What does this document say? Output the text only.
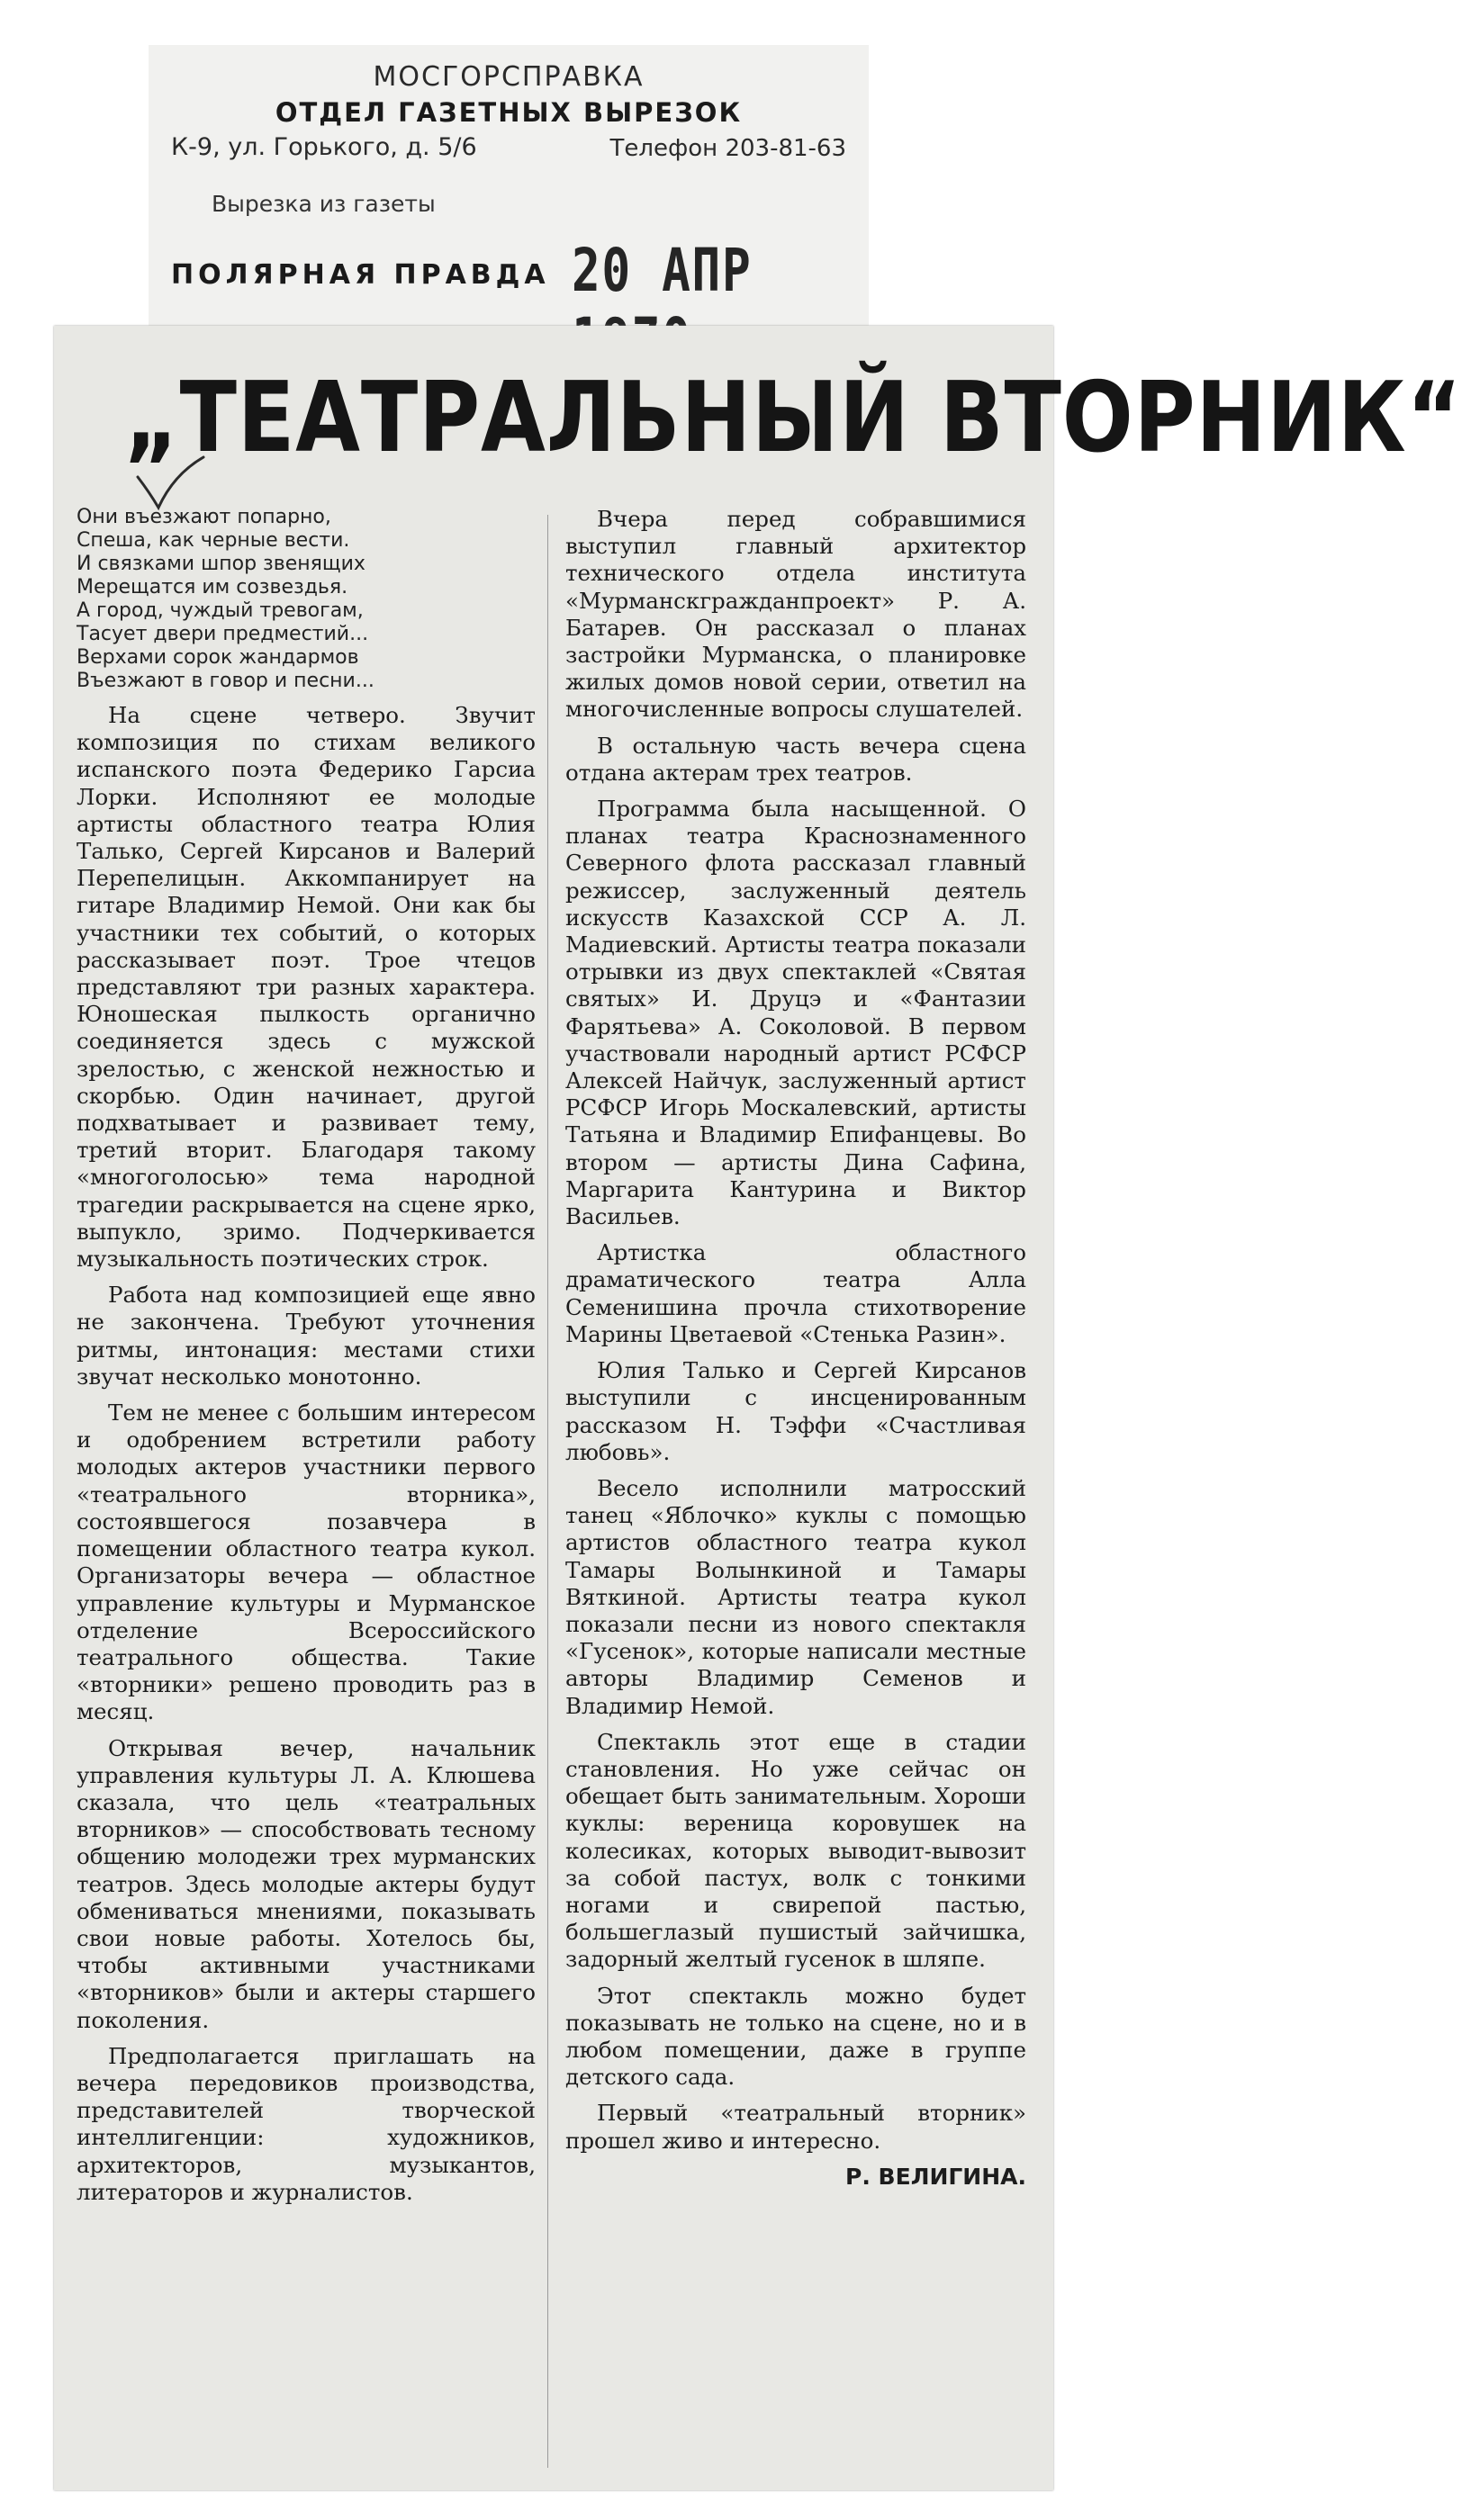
МОСГОРСПРАВКА
ОТДЕЛ ГАЗЕТНЫХ ВЫРЕЗОК
К-9, ул. Горького, д. 5/6	Телефон 203-81-63
Вырезка из газеты
ПОЛЯРНАЯ ПРАВДА 20 АПР
„ТЕАТРАЛЬНЫЙ ВТОРНИК“

Они въезжают попарно,
Спеша, как черные вести.
И связками шпор звенящих
Мерещатся им созвездья.
А город, чуждый тревогам,
Тасует двери предместий...
Верхами сорок жандармов
Въезжают в говор и песни...

На сцене четверо. Звучит композиция по стихам великого испанского поэта Федерико Гарсиа Лорки. Исполняют ее молодые артисты областного театра Юлия Талько, Сергей Кирсанов и Валерий Перепелицын. Аккомпанирует на гитаре Владимир Немой. Они как бы участники тех событий, о которых рассказывает поэт. Трое чтецов представляют три разных характера. Юношеская пылкость органично соединяется здесь с мужской зрелостью, с женской нежностью и скорбью. Один начинает, другой подхватывает и развивает тему, третий вторит. Благодаря такому «многоголосью» тема народной трагедии раскрывается на сцене ярко, выпукло, зримо. Подчеркивается музыкальность поэтических строк.

Работа над композицией еще явно не закончена. Требуют уточнения ритмы, интонация: местами стихи звучат несколько монотонно.

Тем не менее с большим интересом и одобрением встретили работу молодых актеров участники первого «театрального вторника», состоявшегося позавчера в помещении областного театра кукол. Организаторы вечера — областное управление культуры и Мурманское отделение Всероссийского театрального общества. Такие «вторники» решено проводить раз в месяц.

Открывая вечер, начальник управления культуры Л. А. Клюшева сказала, что цель «театральных вторников» — способствовать тесному общению молодежи трех мурманских театров. Здесь молодые актеры будут обмениваться мнениями, показывать свои новые работы. Хотелось бы, чтобы активными участниками «вторников» были и актеры старшего поколения.

Предполагается приглашать на вечера передовиков производства, представителей творческой интеллигенции: художников, архитекторов, музыкантов, литераторов и журналистов.

Вчера перед собравшимися выступил главный архитектор технического отдела института «Мурманскгражданпроект» Р. А. Батарев. Он рассказал о планах застройки Мурманска, о планировке жилых домов новой серии, ответил на многочисленные вопросы слушателей.

В остальную часть вечера сцена отдана актерам трех театров.

Программа была насыщенной. О планах театра Краснознаменного Северного флота рассказал главный режиссер, заслуженный деятель искусств Казахской ССР А. Л. Мадиевский. Артисты театра показали отрывки из двух спектаклей «Святая святых» И. Друцэ и «Фантазии Фарятьева» А. Соколовой. В первом участвовали народный артист РСФСР Алексей Найчук, заслуженный артист РСФСР Игорь Москалевский, артисты Татьяна и Владимир Епифанцевы. Во втором — артисты Дина Сафина, Маргарита Кантурина и Виктор Васильев.

Артистка областного драматического театра Алла Семенишина прочла стихотворение Марины Цветаевой «Стенька Разин».

Юлия Талько и Сергей Кирсанов выступили с инсценированным рассказом Н. Тэффи «Счастливая любовь».

Весело исполнили матросский танец «Яблочко» куклы с помощью артистов областного театра кукол Тамары Волынкиной и Тамары Вяткиной. Артисты театра кукол показали песни из нового спектакля «Гусенок», которые написали местные авторы Владимир Семенов и Владимир Немой.

Спектакль этот еще в стадии становления. Но уже сейчас он обещает быть занимательным. Хороши куклы: вереница коровушек на колесиках, которых выводит-вывозит за собой пастух, волк с тонкими ногами и свирепой пастью, большеглазый пушистый зайчишка, задорный желтый гусенок в шляпе.

Этот спектакль можно будет показывать не только на сцене, но и в любом помещении, даже в группе детского сада.

Первый «театральный вторник» прошел живо и интересно.

Р. ВЕЛИГИНА.
